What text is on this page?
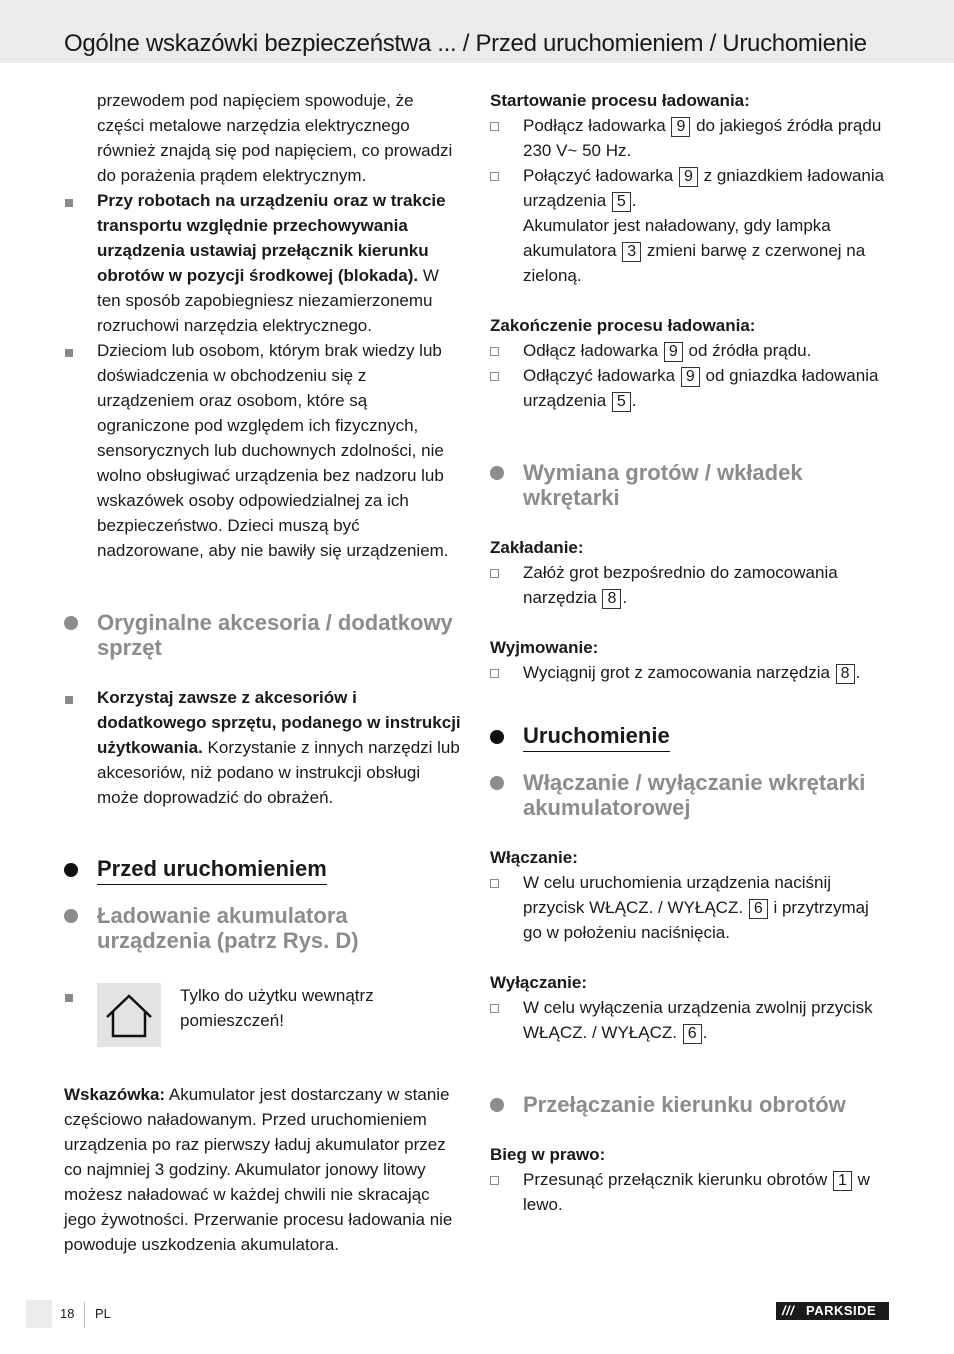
Ogólne wskazówki bezpieczeństwa ... / Przed uruchomieniem / Uruchomienie

przewodem pod napięciem spowoduje, że części metalowe narzędzia elektrycznego również znajdą się pod napięciem, co prowadzi do porażenia prądem elektrycznym.

Przy robotach na urządzeniu oraz w trakcie transportu względnie przechowywania urządzenia ustawiaj przełącznik kierunku obrotów w pozycji środkowej (blokada). W ten sposób zapobiegniesz niezamierzonemu rozruchowi narzędzia elektrycznego.

Dzieciom lub osobom, którym brak wiedzy lub doświadczenia w obchodzeniu się z urządzeniem oraz osobom, które są ograniczone pod względem ich fizycznych, sensorycznych lub duchownych zdolności, nie wolno obsługiwać urządzenia bez nadzoru lub wskazówek osoby odpowiedzialnej za ich bezpieczeństwo. Dzieci muszą być nadzorowane, aby nie bawiły się urządzeniem.

Oryginalne akcesoria / dodatkowy sprzęt

Korzystaj zawsze z akcesoriów i dodatkowego sprzętu, podanego w instrukcji użytkowania. Korzystanie z innych narzędzi lub akcesoriów, niż podano w instrukcji obsługi może doprowadzić do obrażeń.

Przed uruchomieniem
Ładowanie akumulatora urządzenia (patrz Rys. D)

Tylko do użytku wewnątrz pomieszczeń!

Wskazówka: Akumulator jest dostarczany w stanie częściowo naładowanym. Przed uruchomieniem urządzenia po raz pierwszy ładuj akumulator przez co najmniej 3 godziny. Akumulator jonowy litowy możesz naładować w każdej chwili nie skracając jego żywotności. Przerwanie procesu ładowania nie powoduje uszkodzenia akumulatora.

Startowanie procesu ładowania:

Podłącz ładowarka 9 do jakiegoś źródła prądu 230 V~ 50 Hz.

Połączyć ładowarka 9 z gniazdkiem ładowania urządzenia 5 .
Akumulator jest naładowany, gdy lampka akumulatora 3 zmieni barwę z czerwonej na zieloną.

Zakończenie procesu ładowania:

Odłącz ładowarka 9 od źródła prądu.

Odłączyć ładowarka 9 od gniazdka ładowania urządzenia 5 .

Wymiana grotów / wkładek wkrętarki

Zakładanie:

Załóż grot bezpośrednio do zamocowania narzędzia 8 .

Wyjmowanie:

Wyciągnij grot z zamocowania narzędzia 8 .

Uruchomienie
Włączanie / wyłączanie wkrętarki akumulatorowej

Włączanie:

W celu uruchomienia urządzenia naciśnij przycisk WŁĄCZ. / WYŁĄCZ. 6 i przytrzymaj go w położeniu naciśnięcia.

Wyłączanie:

W celu wyłączenia urządzenia zwolnij przycisk WŁĄCZ. / WYŁĄCZ. 6 .

Przełączanie kierunku obrotów

Bieg w prawo:

Przesunąć przełącznik kierunku obrotów 1 w lewo.

18 PL	/// PARKSIDE
